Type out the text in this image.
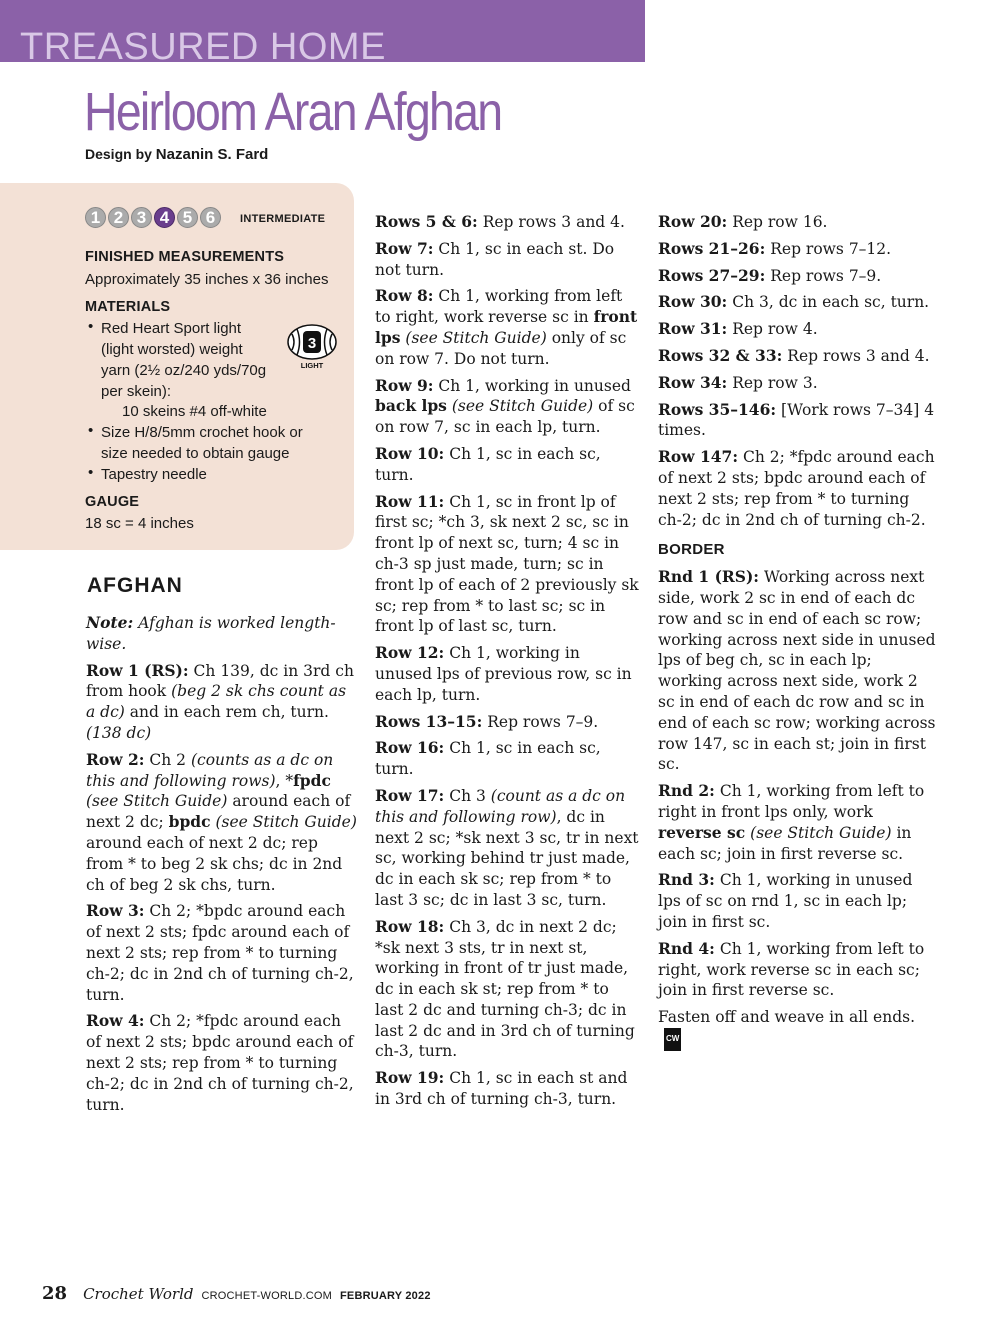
TREASURED HOME
Heirloom Aran Afghan
Design by Nazanin S. Fard
1 2 3 4 5 6	INTERMEDIATE
FINISHED MEASUREMENTS
Approximately 35 inches x 36 inches
MATERIALS
• Red Heart Sport light
(light worsted) weight
yarn (2½ oz/240 yds/70g
per skein):
10 skeins #4 off-white
• Size H/8/5mm crochet hook or
size needed to obtain gauge
• Tapestry needle
3
LIGHT
GAUGE
18 sc = 4 inches
AFGHAN

Note: Afghan is worked length-wise.

Row 1 (RS): Ch 139, dc in 3rd ch from hook (beg 2 sk chs count as a dc) and in each rem ch, turn. (138 dc)

Row 2: Ch 2 (counts as a dc on this and following rows), *fpdc (see Stitch Guide) around each of next 2 dc; bpdc (see Stitch Guide) around each of next 2 dc; rep from * to beg 2 sk chs; dc in 2nd ch of beg 2 sk chs, turn.

Row 3: Ch 2; *bpdc around each of next 2 sts; fpdc around each of next 2 sts; rep from * to turning ch-2; dc in 2nd ch of turning ch-2, turn.

Row 4: Ch 2; *fpdc around each of next 2 sts; bpdc around each of next 2 sts; rep from * to turning ch-2; dc in 2nd ch of turning ch-2, turn.

Rows 5 & 6: Rep rows 3 and 4.

Row 7: Ch 1, sc in each st. Do not turn.

Row 8: Ch 1, working from left to right, work reverse sc in front lps (see Stitch Guide) only of sc on row 7. Do not turn.

Row 9: Ch 1, working in unused back lps (see Stitch Guide) of sc on row 7, sc in each lp, turn.

Row 10: Ch 1, sc in each sc, turn.

Row 11: Ch 1, sc in front lp of first sc; *ch 3, sk next 2 sc, sc in front lp of next sc, turn; 4 sc in ch-3 sp just made, turn; sc in front lp of each of 2 previously sk sc; rep from * to last sc; sc in front lp of last sc, turn.

Row 12: Ch 1, working in unused lps of previous row, sc in each lp, turn.

Rows 13–15: Rep rows 7–9.

Row 16: Ch 1, sc in each sc, turn.

Row 17: Ch 3 (count as a dc on this and following row), dc in next 2 sc; *sk next 3 sc, tr in next sc, working behind tr just made, dc in each sk sc; rep from * to last 3 sc; dc in last 3 sc, turn.

Row 18: Ch 3, dc in next 2 dc; *sk next 3 sts, tr in next st, working in front of tr just made, dc in each sk st; rep from * to last 2 dc and turning ch-3; dc in last 2 dc and in 3rd ch of turning ch-3, turn.

Row 19: Ch 1, sc in each st and in 3rd ch of turning ch-3, turn.

Row 20: Rep row 16.

Rows 21–26: Rep rows 7–12.

Rows 27–29: Rep rows 7–9.

Row 30: Ch 3, dc in each sc, turn.

Row 31: Rep row 4.

Rows 32 & 33: Rep rows 3 and 4.

Row 34: Rep row 3.

Rows 35–146: [Work rows 7–34] 4 times.

Row 147: Ch 2; *fpdc around each of next 2 sts; bpdc around each of next 2 sts; rep from * to turning ch-2; dc in 2nd ch of turning ch-2.

BORDER

Rnd 1 (RS): Working across next side, work 2 sc in end of each dc row and sc in end of each sc row; working across next side in unused lps of beg ch, sc in each lp; working across next side, work 2 sc in end of each dc row and sc in end of each sc row; working across row 147, sc in each st; join in first sc.

Rnd 2: Ch 1, working from left to right in front lps only, work reverse sc (see Stitch Guide) in each sc; join in first reverse sc.

Rnd 3: Ch 1, working in unused lps of sc on rnd 1, sc in each lp; join in first sc.

Rnd 4: Ch 1, working from left to right, work reverse sc in each sc; join in first reverse sc.

Fasten off and weave in all ends.CW

28 Crochet World CROCHET-WORLD.COM FEBRUARY 2022
